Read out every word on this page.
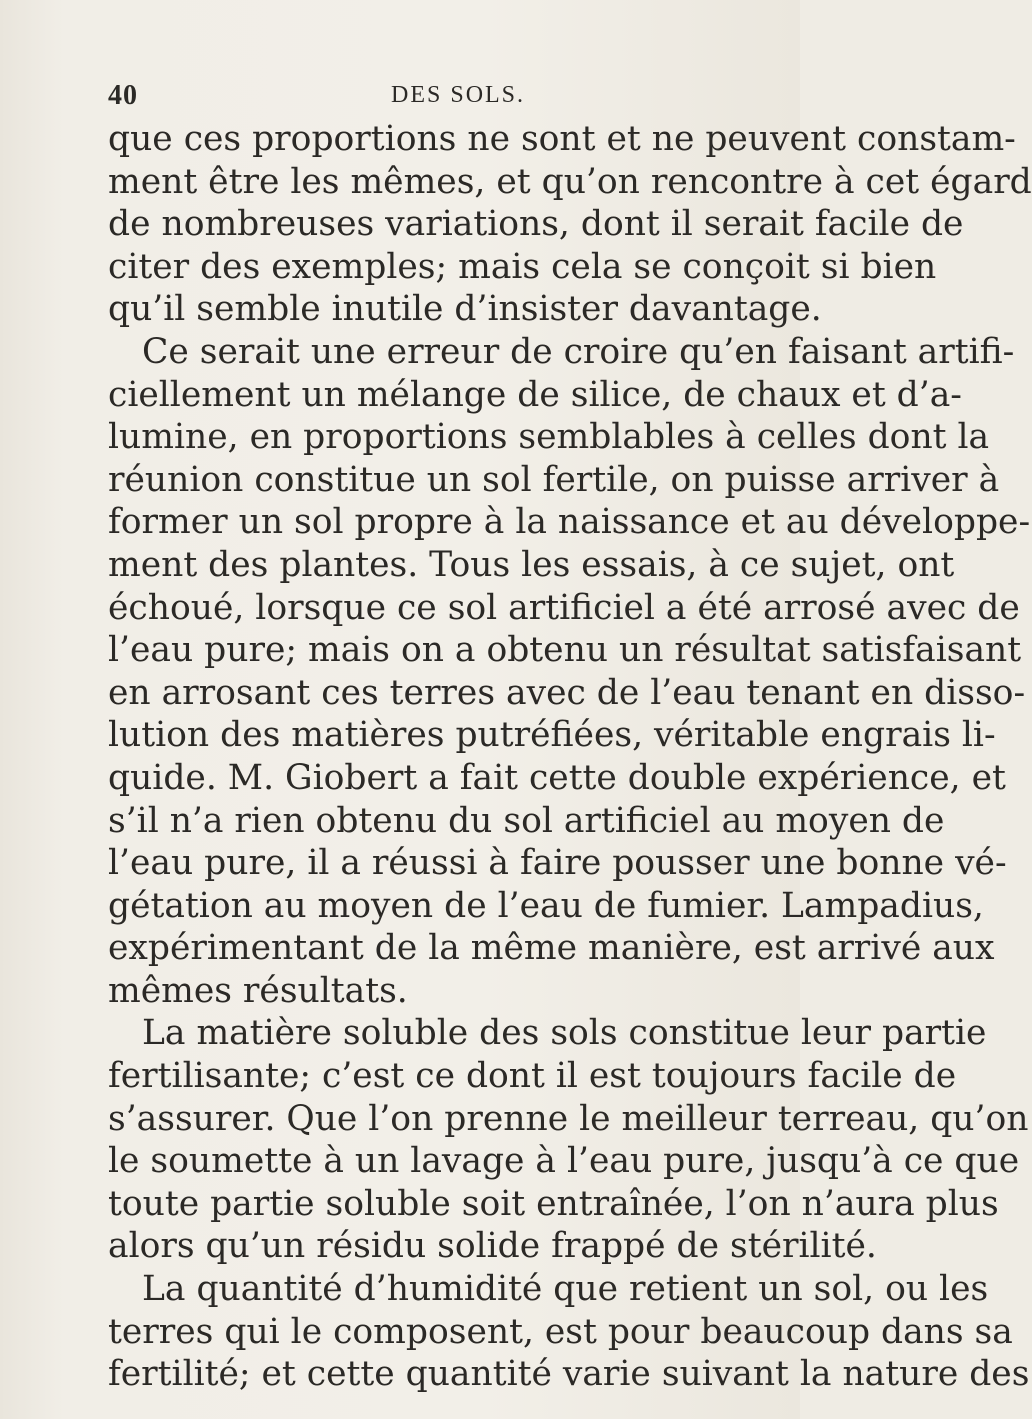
40	DES SOLS.
que ces proportions ne sont et ne peuvent constam-
ment être les mêmes, et qu’on rencontre à cet égard
de nombreuses variations, dont il serait facile de
citer des exemples; mais cela se conçoit si bien
qu’il semble inutile d’insister davantage.
Ce serait une erreur de croire qu’en faisant artifi-
ciellement un mélange de silice, de chaux et d’a-
lumine, en proportions semblables à celles dont la
réunion constitue un sol fertile, on puisse arriver à
former un sol propre à la naissance et au développe-
ment des plantes. Tous les essais, à ce sujet, ont
échoué, lorsque ce sol artificiel a été arrosé avec de
l’eau pure; mais on a obtenu un résultat satisfaisant
en arrosant ces terres avec de l’eau tenant en disso-
lution des matières putréfiées, véritable engrais li-
quide. M. Giobert a fait cette double expérience, et
s’il n’a rien obtenu du sol artificiel au moyen de
l’eau pure, il a réussi à faire pousser une bonne vé-
gétation au moyen de l’eau de fumier. Lampadius,
expérimentant de la même manière, est arrivé aux
mêmes résultats.
La matière soluble des sols constitue leur partie
fertilisante; c’est ce dont il est toujours facile de
s’assurer. Que l’on prenne le meilleur terreau, qu’on
le soumette à un lavage à l’eau pure, jusqu’à ce que
toute partie soluble soit entraînée, l’on n’aura plus
alors qu’un résidu solide frappé de stérilité.
La quantité d’humidité que retient un sol, ou les
terres qui le composent, est pour beaucoup dans sa
fertilité; et cette quantité varie suivant la nature des
